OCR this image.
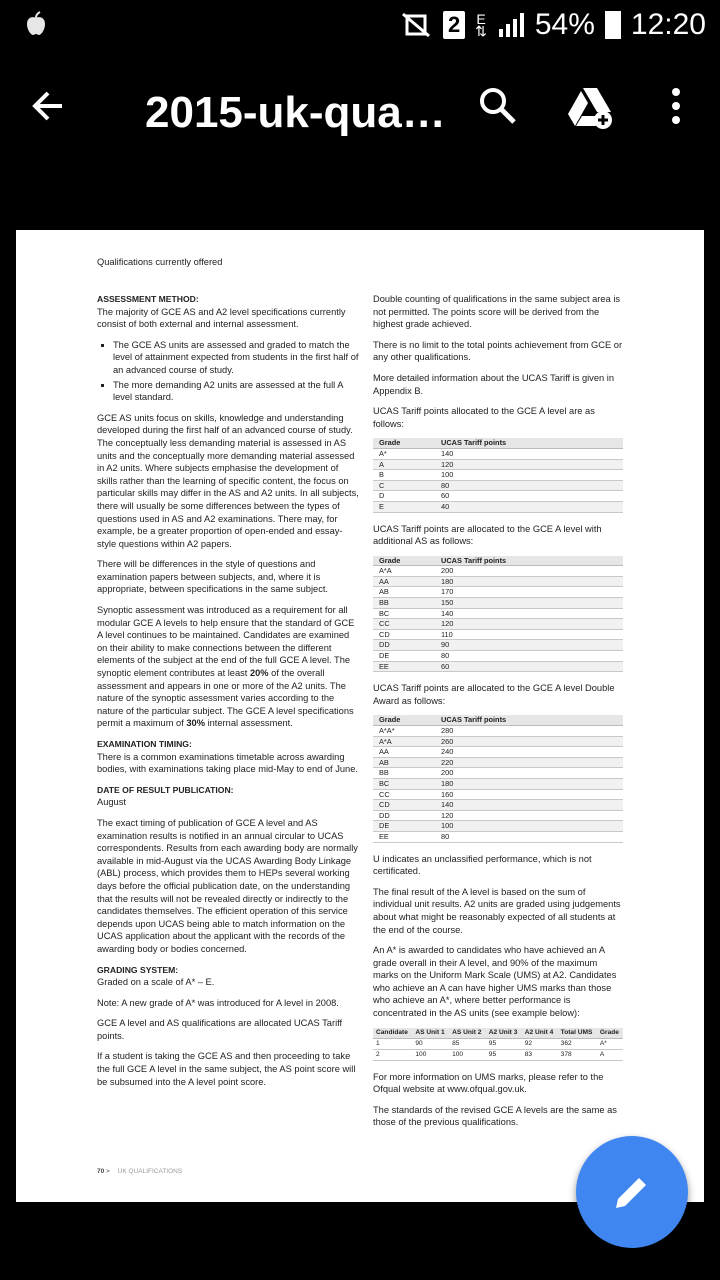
2	E
⇅ 54% 12:20
2015-uk-qua…
Qualifications currently offered
ASSESSMENT METHOD:

The majority of GCE AS and A2 level specifications currently consist of both external and internal assessment.

▪ The GCE AS units are assessed and graded to match the level of attainment expected from students in the first half of an advanced course of study.
▪ The more demanding A2 units are assessed at the full A level standard.

GCE AS units focus on skills, knowledge and understanding developed during the first half of an advanced course of study. The conceptually less demanding material is assessed in AS units and the conceptually more demanding material assessed in A2 units. Where subjects emphasise the development of skills rather than the learning of specific content, the focus on particular skills may differ in the AS and A2 units. In all subjects, there will usually be some differences between the types of questions used in AS and A2 examinations. There may, for example, be a greater proportion of open-ended and essay-style questions within A2 papers.

There will be differences in the style of questions and examination papers between subjects, and, where it is appropriate, between specifications in the same subject.

Synoptic assessment was introduced as a requirement for all modular GCE A levels to help ensure that the standard of GCE A level continues to be maintained. Candidates are examined on their ability to make connections between the different elements of the subject at the end of the full GCE A level. The synoptic element contributes at least 20% of the overall assessment and appears in one or more of the A2 units. The nature of the synoptic assessment varies according to the nature of the particular subject. The GCE A level specifications permit a maximum of 30% internal assessment.

EXAMINATION TIMING:

There is a common examinations timetable across awarding bodies, with examinations taking place mid-May to end of June.

DATE OF RESULT PUBLICATION:

August

The exact timing of publication of GCE A level and AS examination results is notified in an annual circular to UCAS correspondents. Results from each awarding body are normally available in mid-August via the UCAS Awarding Body Linkage (ABL) process, which provides them to HEPs several working days before the official publication date, on the understanding that the results will not be revealed directly or indirectly to the candidates themselves. The efficient operation of this service depends upon UCAS being able to match information on the UCAS application about the applicant with the records of the awarding body or bodies concerned.

GRADING SYSTEM:

Graded on a scale of A* – E.

Note: A new grade of A* was introduced for A level in 2008.

GCE A level and AS qualifications are allocated UCAS Tariff points.

If a student is taking the GCE AS and then proceeding to take the full GCE A level in the same subject, the AS point score will be subsumed into the A level point score.

Double counting of qualifications in the same subject area is not permitted. The points score will be derived from the highest grade achieved.

There is no limit to the total points achievement from GCE or any other qualifications.

More detailed information about the UCAS Tariff is given in Appendix B.

UCAS Tariff points allocated to the GCE A level are as follows:

Grade	UCAS Tariff points
A*	140
A	120
B	100
C	80
D	60
E	40

UCAS Tariff points are allocated to the GCE A level with additional AS as follows:

Grade	UCAS Tariff points
A*A	200
AA	180
AB	170
BB	150
BC	140
CC	120
CD	110
DD	90
DE	80
EE	60

UCAS Tariff points are allocated to the GCE A level Double Award as follows:

Grade	UCAS Tariff points
A*A*	280
A*A	260
AA	240
AB	220
BB	200
BC	180
CC	160
CD	140
DD	120
DE	100
EE	80

U indicates an unclassified performance, which is not certificated.

The final result of the A level is based on the sum of individual unit results. A2 units are graded using judgements about what might be reasonably expected of all students at the end of the course.

An A* is awarded to candidates who have achieved an A grade overall in their A level, and 90% of the maximum marks on the Uniform Mark Scale (UMS) at A2. Candidates who achieve an A can have higher UMS marks than those who achieve an A*, where better performance is concentrated in the AS units (see example below):

Candidate	AS Unit 1	AS Unit 2	A2 Unit 3	A2 Unit 4	Total UMS	Grade
1	90	85	95	92	362	A*
2	100	100	95	83	378	A

For more information on UMS marks, please refer to the Ofqual website at www.ofqual.gov.uk.

The standards of the revised GCE A levels are the same as those of the previous qualifications.

70 > UK QUALIFICATIONS
